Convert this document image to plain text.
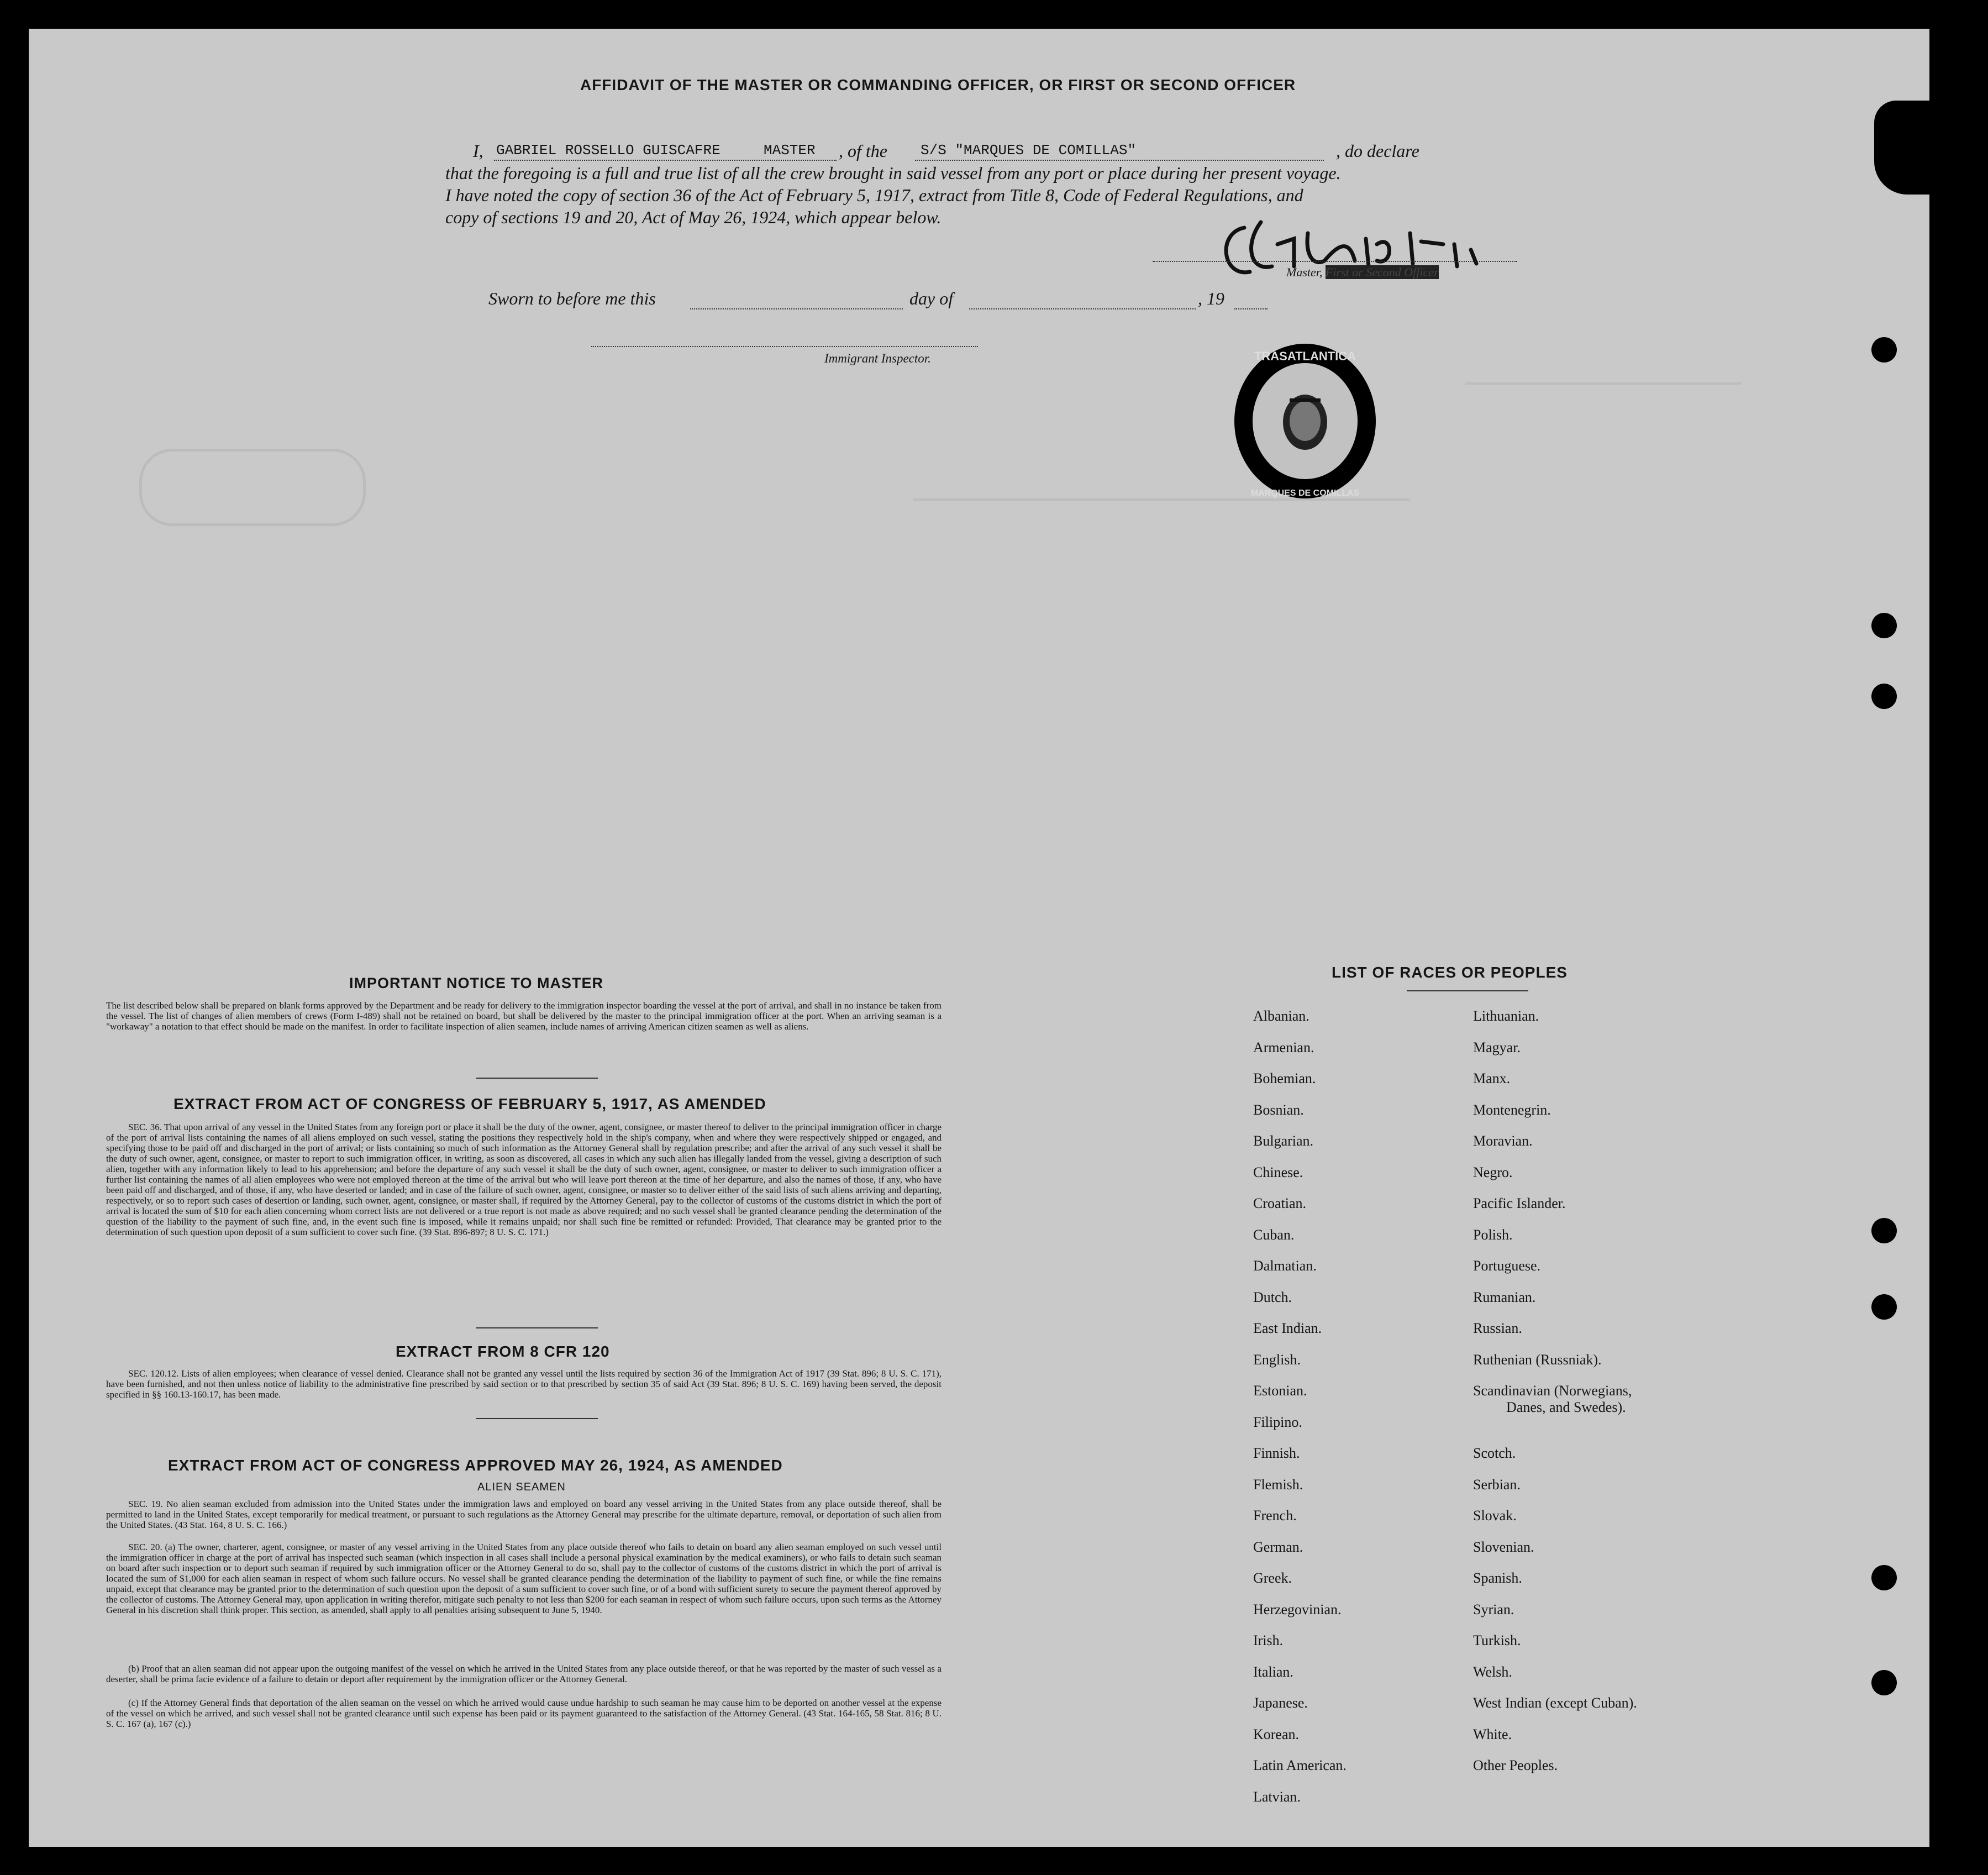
AFFIDAVIT OF THE MASTER OR COMMANDING OFFICER, OR FIRST OR SECOND OFFICER
I, GABRIEL ROSSELLO GUISCAFRE	MASTER , of the S/S "MARQUES DE COMILLAS"	, do declare
that the foregoing is a full and true list of all the crew brought in said vessel from any port or place during her present voyage.
I have noted the copy of section 36 of the Act of February 5, 1917, extract from Title 8, Code of Federal Regulations, and
copy of sections 19 and 20, Act of May 26, 1924, which appear below.
Master, First or Second Officer
Sworn to before me this	day of	, 19
Immigrant Inspector.	TRASATLANTICA
MARQUES DE COMILLAS
IMPORTANT NOTICE TO MASTER
The list described below shall be prepared on blank forms approved by the Department and be ready for delivery to the immigration inspector boarding the vessel at the port of arrival, and shall in no instance be taken from the vessel. The list of changes of alien members of crews (Form I-489) shall not be retained on board, but shall be delivered by the master to the principal immigration officer at the port. When an arriving seaman is a "workaway" a notation to that effect should be made on the manifest. In order to facilitate inspection of alien seamen, include names of arriving American citizen seamen as well as aliens.
EXTRACT FROM ACT OF CONGRESS OF FEBRUARY 5, 1917, AS AMENDED
SEC. 36. That upon arrival of any vessel in the United States from any foreign port or place it shall be the duty of the owner, agent, consignee, or master thereof to deliver to the principal immigration officer in charge of the port of arrival lists containing the names of all aliens employed on such vessel, stating the positions they respectively hold in the ship's company, when and where they were respectively shipped or engaged, and specifying those to be paid off and discharged in the port of arrival; or lists containing so much of such information as the Attorney General shall by regulation prescribe; and after the arrival of any such vessel it shall be the duty of such owner, agent, consignee, or master to report to such immigration officer, in writing, as soon as discovered, all cases in which any such alien has illegally landed from the vessel, giving a description of such alien, together with any information likely to lead to his apprehension; and before the departure of any such vessel it shall be the duty of such owner, agent, consignee, or master to deliver to such immigration officer a further list containing the names of all alien employees who were not employed thereon at the time of the arrival but who will leave port thereon at the time of her departure, and also the names of those, if any, who have been paid off and discharged, and of those, if any, who have deserted or landed; and in case of the failure of such owner, agent, consignee, or master so to deliver either of the said lists of such aliens arriving and departing, respectively, or so to report such cases of desertion or landing, such owner, agent, consignee, or master shall, if required by the Attorney General, pay to the collector of customs of the customs district in which the port of arrival is located the sum of $10 for each alien concerning whom correct lists are not delivered or a true report is not made as above required; and no such vessel shall be granted clearance pending the determination of the question of the liability to the payment of such fine, and, in the event such fine is imposed, while it remains unpaid; nor shall such fine be remitted or refunded: Provided, That clearance may be granted prior to the determination of such question upon deposit of a sum sufficient to cover such fine. (39 Stat. 896-897; 8 U. S. C. 171.)
EXTRACT FROM 8 CFR 120
SEC. 120.12. Lists of alien employees; when clearance of vessel denied. Clearance shall not be granted any vessel until the lists required by section 36 of the Immigration Act of 1917 (39 Stat. 896; 8 U. S. C. 171), have been furnished, and not then unless notice of liability to the administrative fine prescribed by said section or to that prescribed by section 35 of said Act (39 Stat. 896; 8 U. S. C. 169) having been served, the deposit specified in §§ 160.13-160.17, has been made.
EXTRACT FROM ACT OF CONGRESS APPROVED MAY 26, 1924, AS AMENDED
ALIEN SEAMEN
SEC. 19. No alien seaman excluded from admission into the United States under the immigration laws and employed on board any vessel arriving in the United States from any place outside thereof, shall be permitted to land in the United States, except temporarily for medical treatment, or pursuant to such regulations as the Attorney General may prescribe for the ultimate departure, removal, or deportation of such alien from the United States. (43 Stat. 164, 8 U. S. C. 166.)
SEC. 20. (a) The owner, charterer, agent, consignee, or master of any vessel arriving in the United States from any place outside thereof who fails to detain on board any alien seaman employed on such vessel until the immigration officer in charge at the port of arrival has inspected such seaman (which inspection in all cases shall include a personal physical examination by the medical examiners), or who fails to detain such seaman on board after such inspection or to deport such seaman if required by such immigration officer or the Attorney General to do so, shall pay to the collector of customs of the customs district in which the port of arrival is located the sum of $1,000 for each alien seaman in respect of whom such failure occurs. No vessel shall be granted clearance pending the determination of the liability to payment of such fine, or while the fine remains unpaid, except that clearance may be granted prior to the determination of such question upon the deposit of a sum sufficient to cover such fine, or of a bond with sufficient surety to secure the payment thereof approved by the collector of customs. The Attorney General may, upon application in writing therefor, mitigate such penalty to not less than $200 for each seaman in respect of whom such failure occurs, upon such terms as the Attorney General in his discretion shall think proper. This section, as amended, shall apply to all penalties arising subsequent to June 5, 1940.
(b) Proof that an alien seaman did not appear upon the outgoing manifest of the vessel on which he arrived in the United States from any place outside thereof, or that he was reported by the master of such vessel as a deserter, shall be prima facie evidence of a failure to detain or deport after requirement by the immigration officer or the Attorney General.
(c) If the Attorney General finds that deportation of the alien seaman on the vessel on which he arrived would cause undue hardship to such seaman he may cause him to be deported on another vessel at the expense of the vessel on which he arrived, and such vessel shall not be granted clearance until such expense has been paid or its payment guaranteed to the satisfaction of the Attorney General. (43 Stat. 164-165, 58 Stat. 816; 8 U. S. C. 167 (a), 167 (c).)
LIST OF RACES OR PEOPLES
Albanian.
Armenian.
Bohemian.
Bosnian.
Bulgarian.
Chinese.
Croatian.
Cuban.
Dalmatian.
Dutch.
East Indian.
English.
Estonian.
Filipino.
Finnish.
Flemish.
French.
German.
Greek.
Herzegovinian.
Irish.
Italian.
Japanese.
Korean.
Latin American.
Latvian.
Lithuanian.
Magyar.
Manx.
Montenegrin.
Moravian.
Negro.
Pacific Islander.
Polish.
Portuguese.
Rumanian.
Russian.
Ruthenian (Russniak).
Scandinavian (Norwegians,
Danes, and Swedes).
Scotch.
Serbian.
Slovak.
Slovenian.
Spanish.
Syrian.
Turkish.
Welsh.
West Indian (except Cuban).
White.
Other Peoples.
